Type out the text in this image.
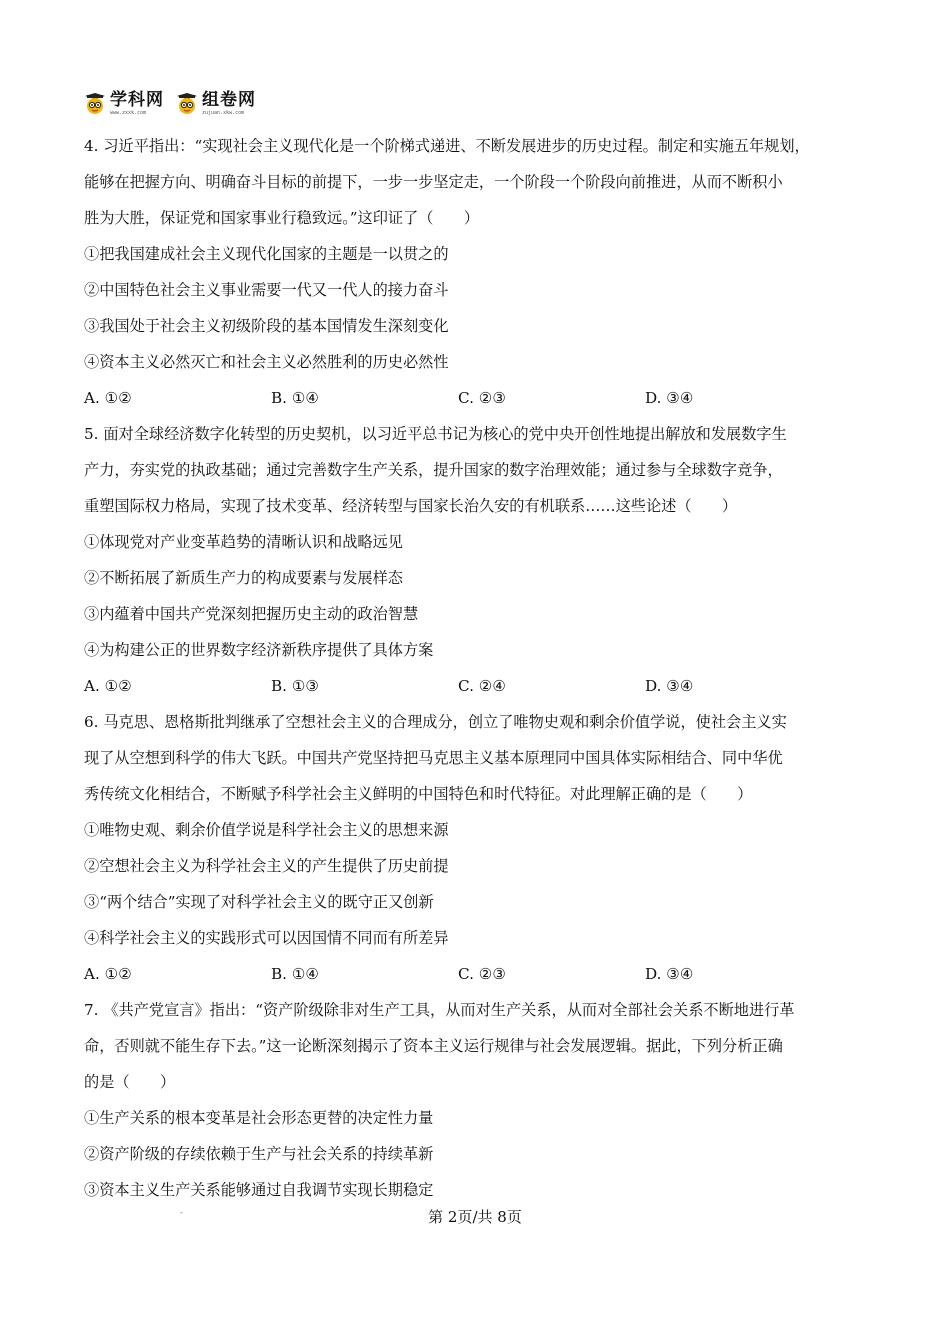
学科网
www.zxxk.com
组卷网
zujuan.xkw.com
4. 习近平指出：“实现社会主义现代化是一个阶梯式递进、不断发展进步的历史过程。制定和实施五年规划，
能够在把握方向、明确奋斗目标的前提下，一步一步坚定走，一个阶段一个阶段向前推进，从而不断积小
胜为大胜，保证党和国家事业行稳致远。”这印证了（　　）
①把我国建成社会主义现代化国家的主题是一以贯之的
②中国特色社会主义事业需要一代又一代人的接力奋斗
③我国处于社会主义初级阶段的基本国情发生深刻变化
④资本主义必然灭亡和社会主义必然胜利的历史必然性
A. ①②	B. ①④	C. ②③	D. ③④
5. 面对全球经济数字化转型的历史契机，以习近平总书记为核心的党中央开创性地提出解放和发展数字生
产力，夯实党的执政基础；通过完善数字生产关系，提升国家的数字治理效能；通过参与全球数字竞争，
重塑国际权力格局，实现了技术变革、经济转型与国家长治久安的有机联系……这些论述（　　）
①体现党对产业变革趋势的清晰认识和战略远见
②不断拓展了新质生产力的构成要素与发展样态
③内蕴着中国共产党深刻把握历史主动的政治智慧
④为构建公正的世界数字经济新秩序提供了具体方案
A. ①②	B. ①③	C. ②④	D. ③④
6. 马克思、恩格斯批判继承了空想社会主义的合理成分，创立了唯物史观和剩余价值学说，使社会主义实
现了从空想到科学的伟大飞跃。中国共产党坚持把马克思主义基本原理同中国具体实际相结合、同中华优
秀传统文化相结合，不断赋予科学社会主义鲜明的中国特色和时代特征。对此理解正确的是（　　）
①唯物史观、剩余价值学说是科学社会主义的思想来源
②空想社会主义为科学社会主义的产生提供了历史前提
③“两个结合”实现了对科学社会主义的既守正又创新
④科学社会主义的实践形式可以因国情不同而有所差异
A. ①②	B. ①④	C. ②③	D. ③④
7. 《共产党宣言》指出：“资产阶级除非对生产工具，从而对生产关系，从而对全部社会关系不断地进行革
命，否则就不能生存下去。”这一论断深刻揭示了资本主义运行规律与社会发展逻辑。据此，下列分析正确
的是（　　）
①生产关系的根本变革是社会形态更替的决定性力量
②资产阶级的存续依赖于生产与社会关系的持续革新
③资本主义生产关系能够通过自我调节实现长期稳定
-	第 2页/共 8页
